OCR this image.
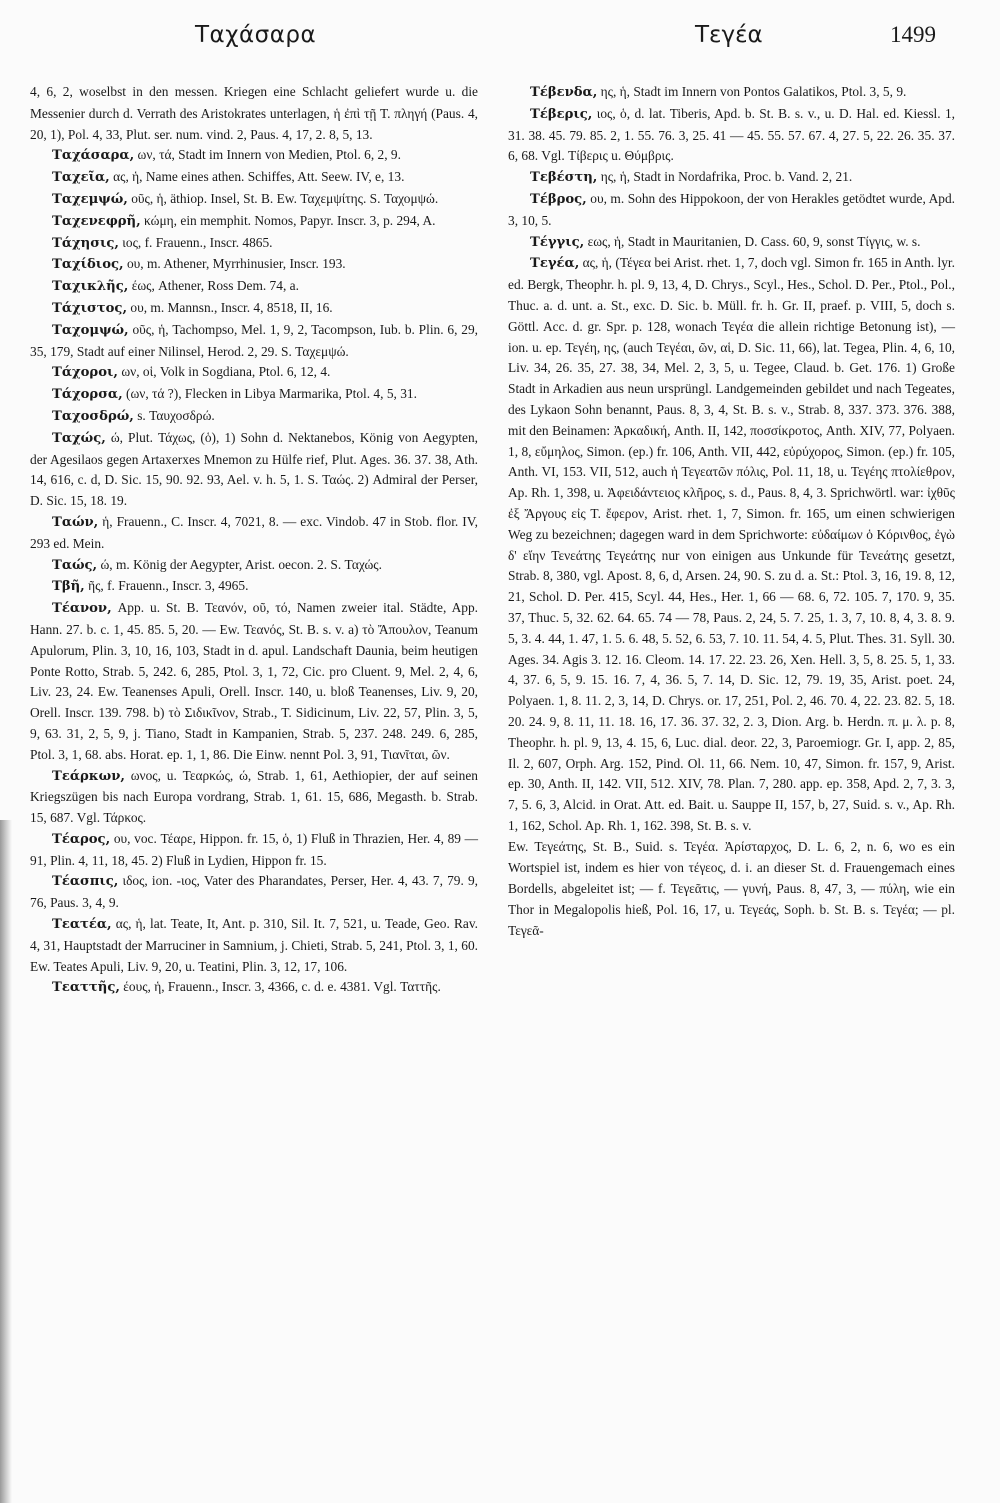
Ταχάσαρα	Τεγέα	1499

4, 6, 2, woselbst in den messen. Kriegen eine Schlacht geliefert wurde u. die Messenier durch d. Verrath des Aristokrates unterlagen, ἡ ἐπὶ τῇ Τ. πληγή (Paus. 4, 20, 1), Pol. 4, 33, Plut. ser. num. vind. 2, Paus. 4, 17, 2. 8, 5, 13.

Ταχάσαρα, ων, τά, Stadt im Innern von Medien, Ptol. 6, 2, 9.

Ταχεῖα, ας, ἡ, Name eines athen. Schiffes, Att. Seew. IV, e, 13.

Ταχεμψώ, οῦς, ἡ, äthiop. Insel, St. B. Ew. Ταχεμψίτης. S. Ταχομψώ.

Ταχενεφρῆ, κώμη, ein memphit. Nomos, Papyr. Inscr. 3, p. 294, A.

Τάχησις, ιος, f. Frauenn., Inscr. 4865.

Ταχίδιος, ου, m. Athener, Myrrhinusier, Inscr. 193.

Ταχικλῆς, έως, Athener, Ross Dem. 74, a.

Τάχιστος, ου, m. Mannsn., Inscr. 4, 8518, II, 16.

Ταχομψώ, οῦς, ἡ, Tachompso, Mel. 1, 9, 2, Tacompson, Iub. b. Plin. 6, 29, 35, 179, Stadt auf einer Nilinsel, Herod. 2, 29. S. Ταχεμψώ.

Τάχοροι, ων, οἱ, Volk in Sogdiana, Ptol. 6, 12, 4.

Τάχορσα, (ων, τά ?), Flecken in Libya Marmarika, Ptol. 4, 5, 31.

Ταχοσδρώ, s. Ταυχοσδρώ.

Ταχώς, ώ, Plut. Τάχως, (ὁ), 1) Sohn d. Nektanebos, König von Aegypten, der Agesilaos gegen Artaxerxes Mnemon zu Hülfe rief, Plut. Ages. 36. 37. 38, Ath. 14, 616, c. d, D. Sic. 15, 90. 92. 93, Ael. v. h. 5, 1. S. Ταώς. 2) Admiral der Perser, D. Sic. 15, 18. 19.

Ταών, ἡ, Frauenn., C. Inscr. 4, 7021, 8. — exc. Vindob. 47 in Stob. flor. IV, 293 ed. Mein.

Ταώς, ώ, m. König der Aegypter, Arist. oecon. 2. S. Ταχώς.

Τβῆ, ῆς, f. Frauenn., Inscr. 3, 4965.

Τέανον, App. u. St. B. Τεανόν, οῦ, τό, Namen zweier ital. Städte, App. Hann. 27. b. c. 1, 45. 85. 5, 20. — Ew. Τεανός, St. B. s. v. a) τὸ Ἄπουλον, Teanum Apulorum, Plin. 3, 10, 16, 103, Stadt in d. apul. Landschaft Daunia, beim heutigen Ponte Rotto, Strab. 5, 242. 6, 285, Ptol. 3, 1, 72, Cic. pro Cluent. 9, Mel. 2, 4, 6, Liv. 23, 24. Ew. Teanenses Apuli, Orell. Inscr. 140, u. bloß Teanenses, Liv. 9, 20, Orell. Inscr. 139. 798. b) τὸ Σιδικῖνον, Strab., T. Sidicinum, Liv. 22, 57, Plin. 3, 5, 9, 63. 31, 2, 5, 9, j. Tiano, Stadt in Kampanien, Strab. 5, 237. 248. 249. 6, 285, Ptol. 3, 1, 68. abs. Horat. ep. 1, 1, 86. Die Einw. nennt Pol. 3, 91, Τιανῖται, ῶν.

Τεάρκων, ωνος, u. Τεαρκώς, ώ, Strab. 1, 61, Aethiopier, der auf seinen Kriegszügen bis nach Europa vordrang, Strab. 1, 61. 15, 686, Megasth. b. Strab. 15, 687. Vgl. Τάρκος.

Τέαρος, ου, voc. Τέαρε, Hippon. fr. 15, ὁ, 1) Fluß in Thrazien, Her. 4, 89 — 91, Plin. 4, 11, 18, 45. 2) Fluß in Lydien, Hippon fr. 15.

Τέασπις, ιδος, ion. -ιος, Vater des Pharandates, Perser, Her. 4, 43. 7, 79. 9, 76, Paus. 3, 4, 9.

Τεατέα, ας, ἡ, lat. Teate, It, Ant. p. 310, Sil. It. 7, 521, u. Teade, Geo. Rav. 4, 31, Hauptstadt der Marruciner in Samnium, j. Chieti, Strab. 5, 241, Ptol. 3, 1, 60. Ew. Teates Apuli, Liv. 9, 20, u. Teatini, Plin. 3, 12, 17, 106.

Τεαττῆς, έους, ἡ, Frauenn., Inscr. 3, 4366, c. d. e. 4381. Vgl. Ταττῆς.

Τέβενδα, ης, ἡ, Stadt im Innern von Pontos Galatikos, Ptol. 3, 5, 9.

Τέβερις, ιος, ὁ, d. lat. Tiberis, Apd. b. St. B. s. v., u. D. Hal. ed. Kiessl. 1, 31. 38. 45. 79. 85. 2, 1. 55. 76. 3, 25. 41 — 45. 55. 57. 67. 4, 27. 5, 22. 26. 35. 37. 6, 68. Vgl. Τίβερις u. Θύμβρις.

Τεβέστη, ης, ἡ, Stadt in Nordafrika, Proc. b. Vand. 2, 21.

Τέβρος, ου, m. Sohn des Hippokoon, der von Herakles getödtet wurde, Apd. 3, 10, 5.

Τέγγις, εως, ἡ, Stadt in Mauritanien, D. Cass. 60, 9, sonst Τίγγις, w. s.

Τεγέα, ας, ἡ, (Τέγεα bei Arist. rhet. 1, 7, doch vgl. Simon fr. 165 in Anth. lyr. ed. Bergk, Theophr. h. pl. 9, 13, 4, D. Chrys., Scyl., Hes., Schol. D. Per., Ptol., Pol., Thuc. a. d. unt. a. St., exc. D. Sic. b. Müll. fr. h. Gr. II, praef. p. VIII, 5, doch s. Göttl. Acc. d. gr. Spr. p. 128, wonach Τεγέα die allein richtige Betonung ist), — ion. u. ep. Τεγέη, ης, (auch Τεγέαι, ῶν, αἱ, D. Sic. 11, 66), lat. Tegea, Plin. 4, 6, 10, Liv. 34, 26. 35, 27. 38, 34, Mel. 2, 3, 5, u. Tegee, Claud. b. Get. 176. 1) Große Stadt in Arkadien aus neun ursprüngl. Landgemeinden gebildet und nach Tegeates, des Lykaon Sohn benannt, Paus. 8, 3, 4, St. B. s. v., Strab. 8, 337. 373. 376. 388, mit den Beinamen: Ἀρκαδική, Anth. II, 142, ποσσίκροτος, Anth. XIV, 77, Polyaen. 1, 8, εὔμηλος, Simon. (ep.) fr. 106, Anth. VII, 442, εὐρύχορος, Simon. (ep.) fr. 105, Anth. VI, 153. VII, 512, auch ἡ Τεγεατῶν πόλις, Pol. 11, 18, u. Τεγέης πτολίεθρον, Ap. Rh. 1, 398, u. Ἀφειδάντειος κλῆρος, s. d., Paus. 8, 4, 3. Sprichwörtl. war: ἰχθῦς ἐξ Ἄργους εἰς Τ. ἔφερον, Arist. rhet. 1, 7, Simon. fr. 165, um einen schwierigen Weg zu bezeichnen; dagegen ward in dem Sprichworte: εὐδαίμων ὁ Κόρινθος, ἐγὼ δ' εἴην Τενεάτης Τεγεάτης nur von einigen aus Unkunde für Τενεάτης gesetzt, Strab. 8, 380, vgl. Apost. 8, 6, d, Arsen. 24, 90. S. zu d. a. St.: Ptol. 3, 16, 19. 8, 12, 21, Schol. D. Per. 415, Scyl. 44, Hes., Her. 1, 66 — 68. 6, 72. 105. 7, 170. 9, 35. 37, Thuc. 5, 32. 62. 64. 65. 74 — 78, Paus. 2, 24, 5. 7. 25, 1. 3, 7, 10. 8, 4, 3. 8. 9. 5, 3. 4. 44, 1. 47, 1. 5. 6. 48, 5. 52, 6. 53, 7. 10. 11. 54, 4. 5, Plut. Thes. 31. Syll. 30. Ages. 34. Agis 3. 12. 16. Cleom. 14. 17. 22. 23. 26, Xen. Hell. 3, 5, 8. 25. 5, 1, 33. 4, 37. 6, 5, 9. 15. 16. 7, 4, 36. 5, 7. 14, D. Sic. 12, 79. 19, 35, Arist. poet. 24, Polyaen. 1, 8. 11. 2, 3, 14, D. Chrys. or. 17, 251, Pol. 2, 46. 70. 4, 22. 23. 82. 5, 18. 20. 24. 9, 8. 11, 11. 18. 16, 17. 36. 37. 32, 2. 3, Dion. Arg. b. Herdn. π. μ. λ. p. 8, Theophr. h. pl. 9, 13, 4. 15, 6, Luc. dial. deor. 22, 3, Paroemiogr. Gr. I, app. 2, 85, Il. 2, 607, Orph. Arg. 152, Pind. Ol. 11, 66. Nem. 10, 47, Simon. fr. 157, 9, Arist. ep. 30, Anth. II, 142. VII, 512. XIV, 78. Plan. 7, 280. app. ep. 358, Apd. 2, 7, 3. 3, 7, 5. 6, 3, Alcid. in Orat. Att. ed. Bait. u. Sauppe II, 157, b, 27, Suid. s. v., Ap. Rh. 1, 162, Schol. Ap. Rh. 1, 162. 398, St. B. s. v.

Ew. Τεγεάτης, St. B., Suid. s. Τεγέα. Ἀρίσταρχος, D. L. 6, 2, n. 6, wo es ein Wortspiel ist, indem es hier von τέγεος, d. i. an dieser St. d. Frauengemach eines Bordells, abgeleitet ist; — f. Τεγεᾶτις, — γυνή, Paus. 8, 47, 3, — πύλη, wie ein Thor in Megalopolis hieß, Pol. 16, 17, u. Τεγεάς, Soph. b. St. B. s. Τεγέα; — pl. Τεγεᾶ-
